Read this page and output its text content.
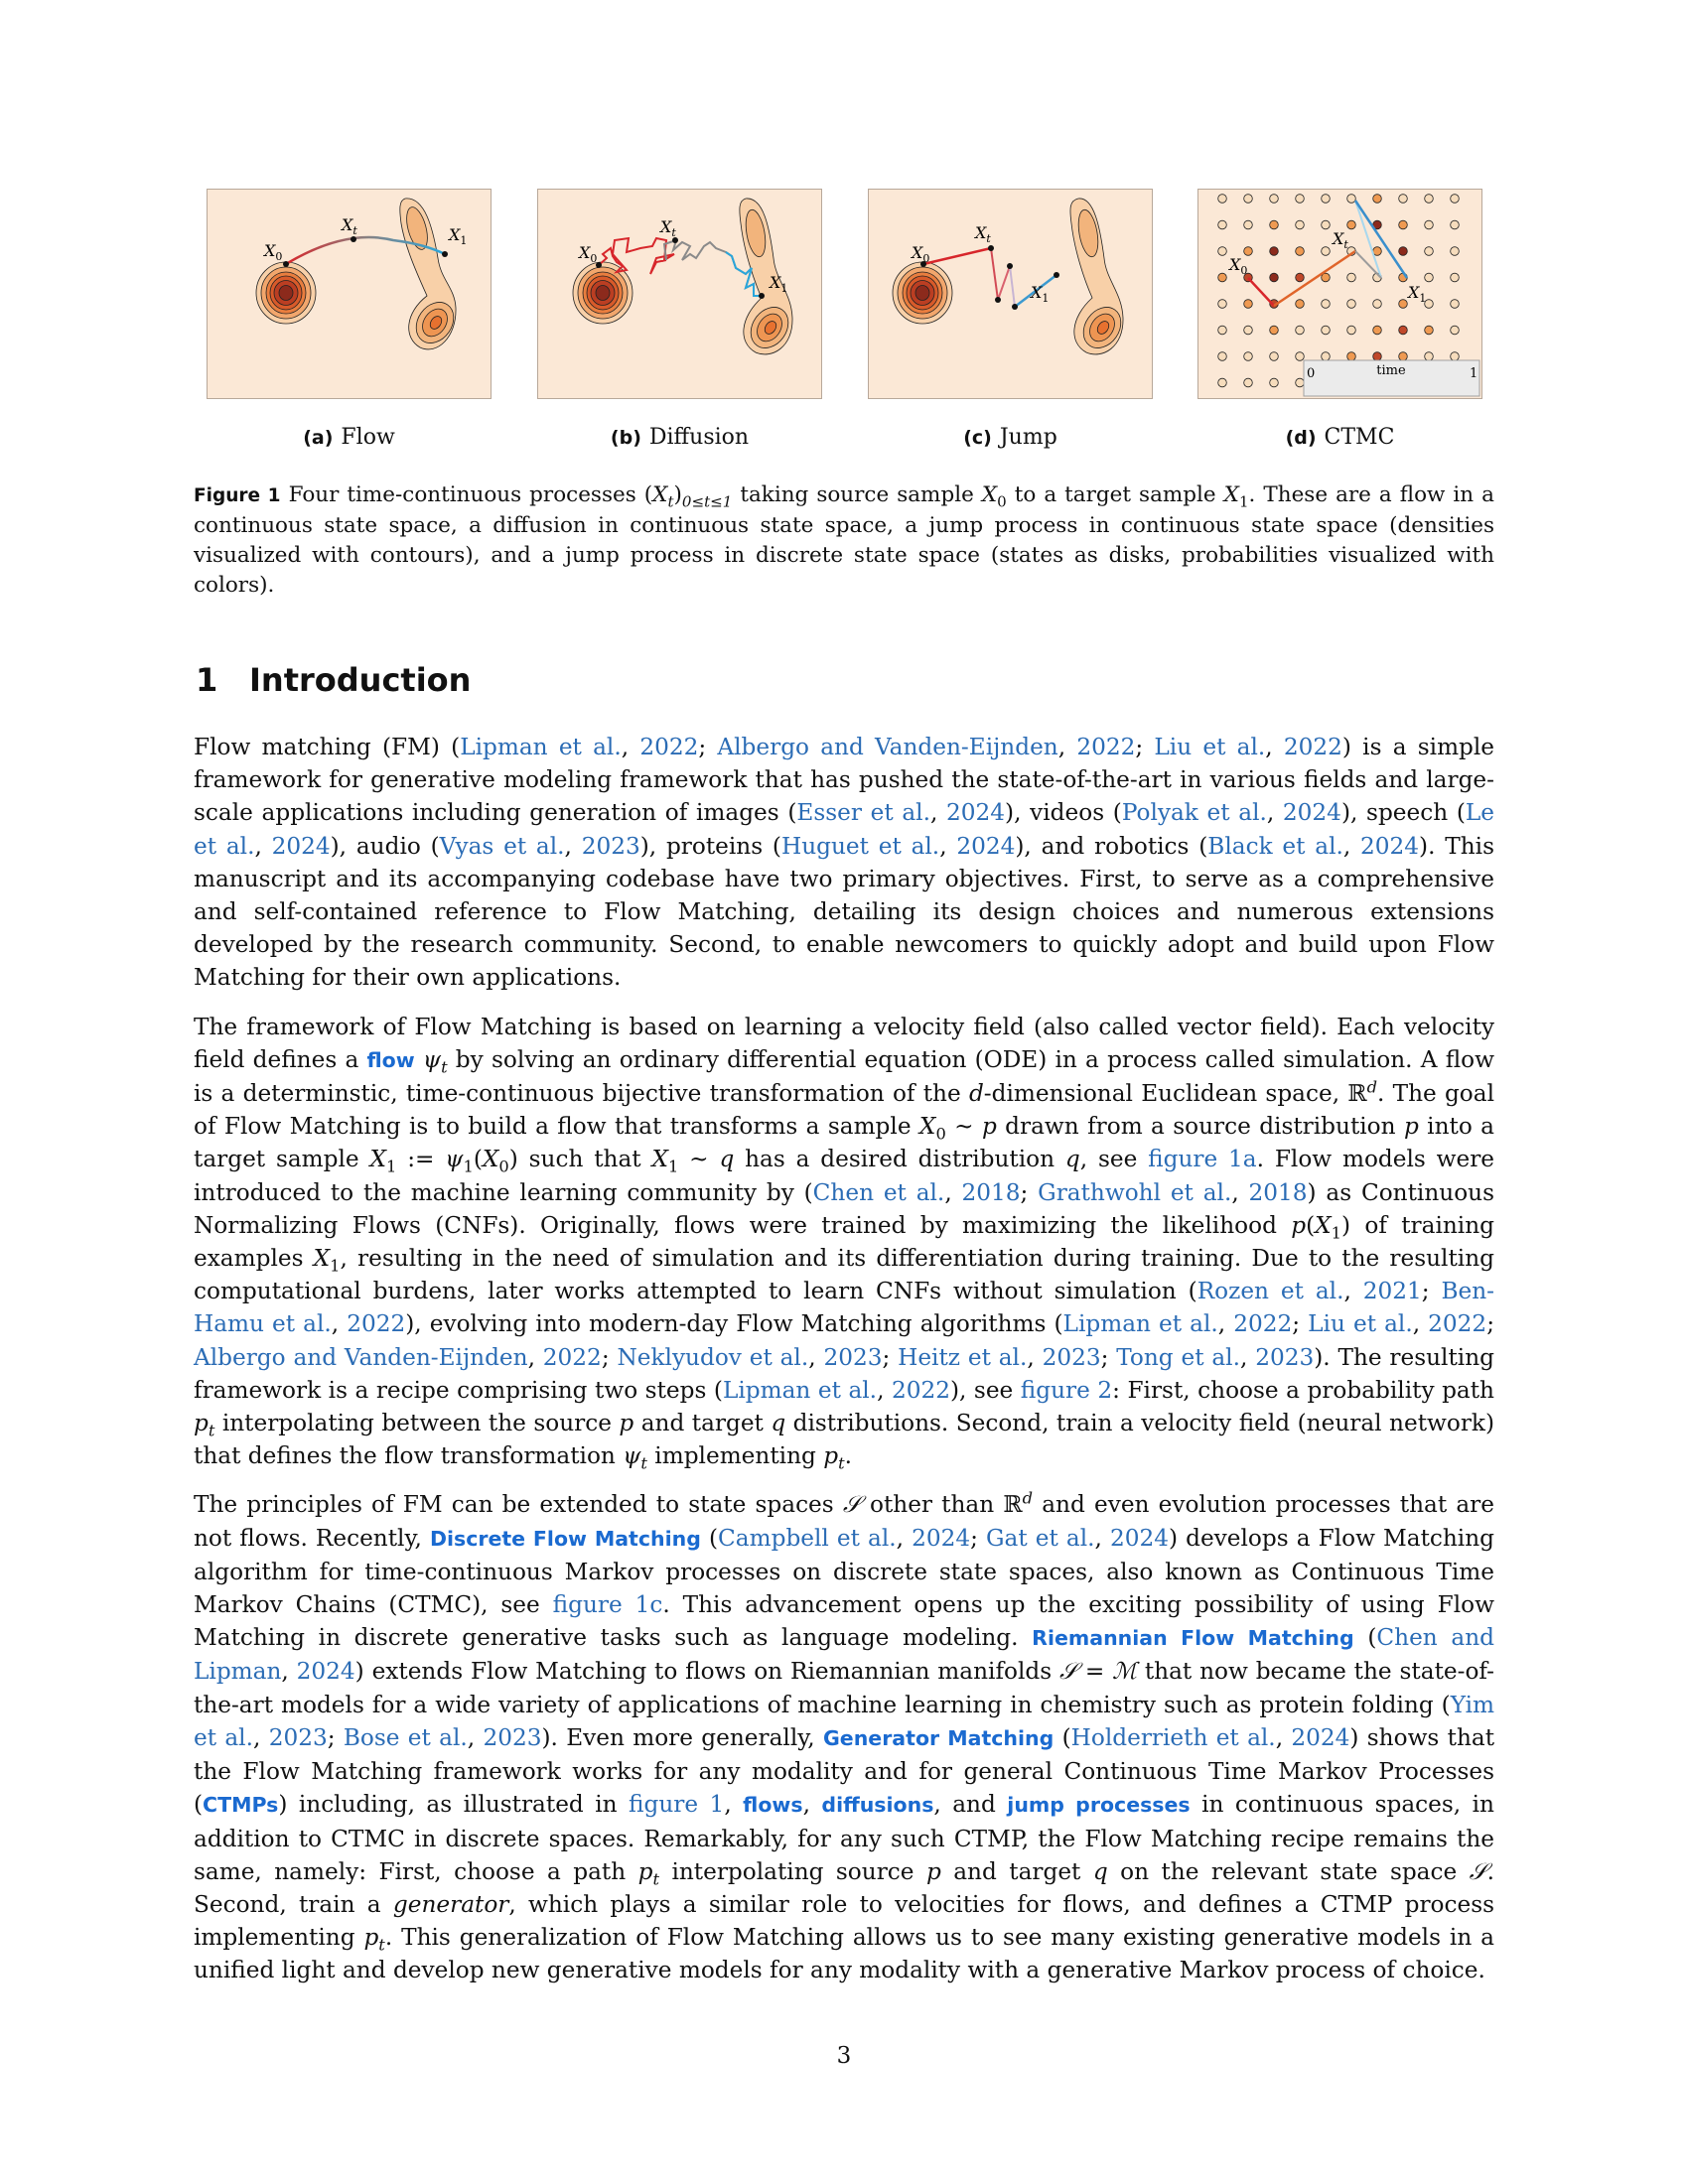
$X_0$
$X_t$	$X_1$
$X_0$
$X_t$
$X_1$
$X_0$
$X_t$
$X_1$
$X_0$
$X_t$
$X_1$
0	time	1
(a) Flow	(b) Diffusion	(c) Jump	(d) CTMC
Figure 1 Four time-continuous processes $(X_t)_{0\le t\le 1}$ taking source sample $X_0$ to a target sample $X_1$. These are a flow in a continuous state space, a diffusion in continuous state space, a jump process in continuous state space (densities visualized with contours), and a jump process in discrete state space (states as disks, probabilities visualized with colors).
1 Introduction

Flow matching (FM) (Lipman et al., 2022; Albergo and Vanden-Eijnden, 2022; Liu et al., 2022) is a simple framework for generative modeling framework that has pushed the state-of-the-art in various fields and large-scale applications including generation of images (Esser et al., 2024), videos (Polyak et al., 2024), speech (Le et al., 2024), audio (Vyas et al., 2023), proteins (Huguet et al., 2024), and robotics (Black et al., 2024). This manuscript and its accompanying codebase have two primary objectives. First, to serve as a comprehensive and self-contained reference to Flow Matching, detailing its design choices and numerous extensions developed by the research community. Second, to enable newcomers to quickly adopt and build upon Flow Matching for their own applications.

The framework of Flow Matching is based on learning a velocity field (also called vector field). Each velocity field defines a flow $\psi_t$ by solving an ordinary differential equation (ODE) in a process called simulation. A flow is a determinstic, time-continuous bijective transformation of the d-dimensional Euclidean space, ℝ$^d$. The goal of Flow Matching is to build a flow that transforms a sample $X_0$ ∼ p drawn from a source distribution p into a target sample $X_1$ := $\psi_1(X_0)$ such that $X_1$ ∼ q has a desired distribution q, see figure 1a. Flow models were introduced to the machine learning community by (Chen et al., 2018; Grathwohl et al., 2018) as Continuous Normalizing Flows (CNFs). Originally, flows were trained by maximizing the likelihood $p(X_1)$ of training examples $X_1$, resulting in the need of simulation and its differentiation during training. Due to the resulting computational burdens, later works attempted to learn CNFs without simulation (Rozen et al., 2021; Ben-Hamu et al., 2022), evolving into modern-day Flow Matching algorithms (Lipman et al., 2022; Liu et al., 2022; Albergo and Vanden-Eijnden, 2022; Neklyudov et al., 2023; Heitz et al., 2023; Tong et al., 2023). The resulting framework is a recipe comprising two steps (Lipman et al., 2022), see figure 2: First, choose a probability path $p_t$ interpolating between the source p and target q distributions. Second, train a velocity field (neural network) that defines the flow transformation $\psi_t$ implementing $p_t$.

The principles of FM can be extended to state spaces 𝒮 other than ℝ$^d$ and even evolution processes that are not flows. Recently, Discrete Flow Matching (Campbell et al., 2024; Gat et al., 2024) develops a Flow Matching algorithm for time-continuous Markov processes on discrete state spaces, also known as Continuous Time Markov Chains (CTMC), see figure 1c. This advancement opens up the exciting possibility of using Flow Matching in discrete generative tasks such as language modeling. Riemannian Flow Matching (Chen and Lipman, 2024) extends Flow Matching to flows on Riemannian manifolds 𝒮 = ℳ that now became the state-of-the-art models for a wide variety of applications of machine learning in chemistry such as protein folding (Yim et al., 2023; Bose et al., 2023). Even more generally, Generator Matching (Holderrieth et al., 2024) shows that the Flow Matching framework works for any modality and for general Continuous Time Markov Processes (CTMPs) including, as illustrated in figure 1, flows, diffusions, and jump processes in continuous spaces, in addition to CTMC in discrete spaces. Remarkably, for any such CTMP, the Flow Matching recipe remains the same, namely: First, choose a path $p_t$ interpolating source p and target q on the relevant state space 𝒮. Second, train a generator, which plays a similar role to velocities for flows, and defines a CTMP process implementing $p_t$. This generalization of Flow Matching allows us to see many existing generative models in a unified light and develop new generative models for any modality with a generative Markov process of choice.

3
